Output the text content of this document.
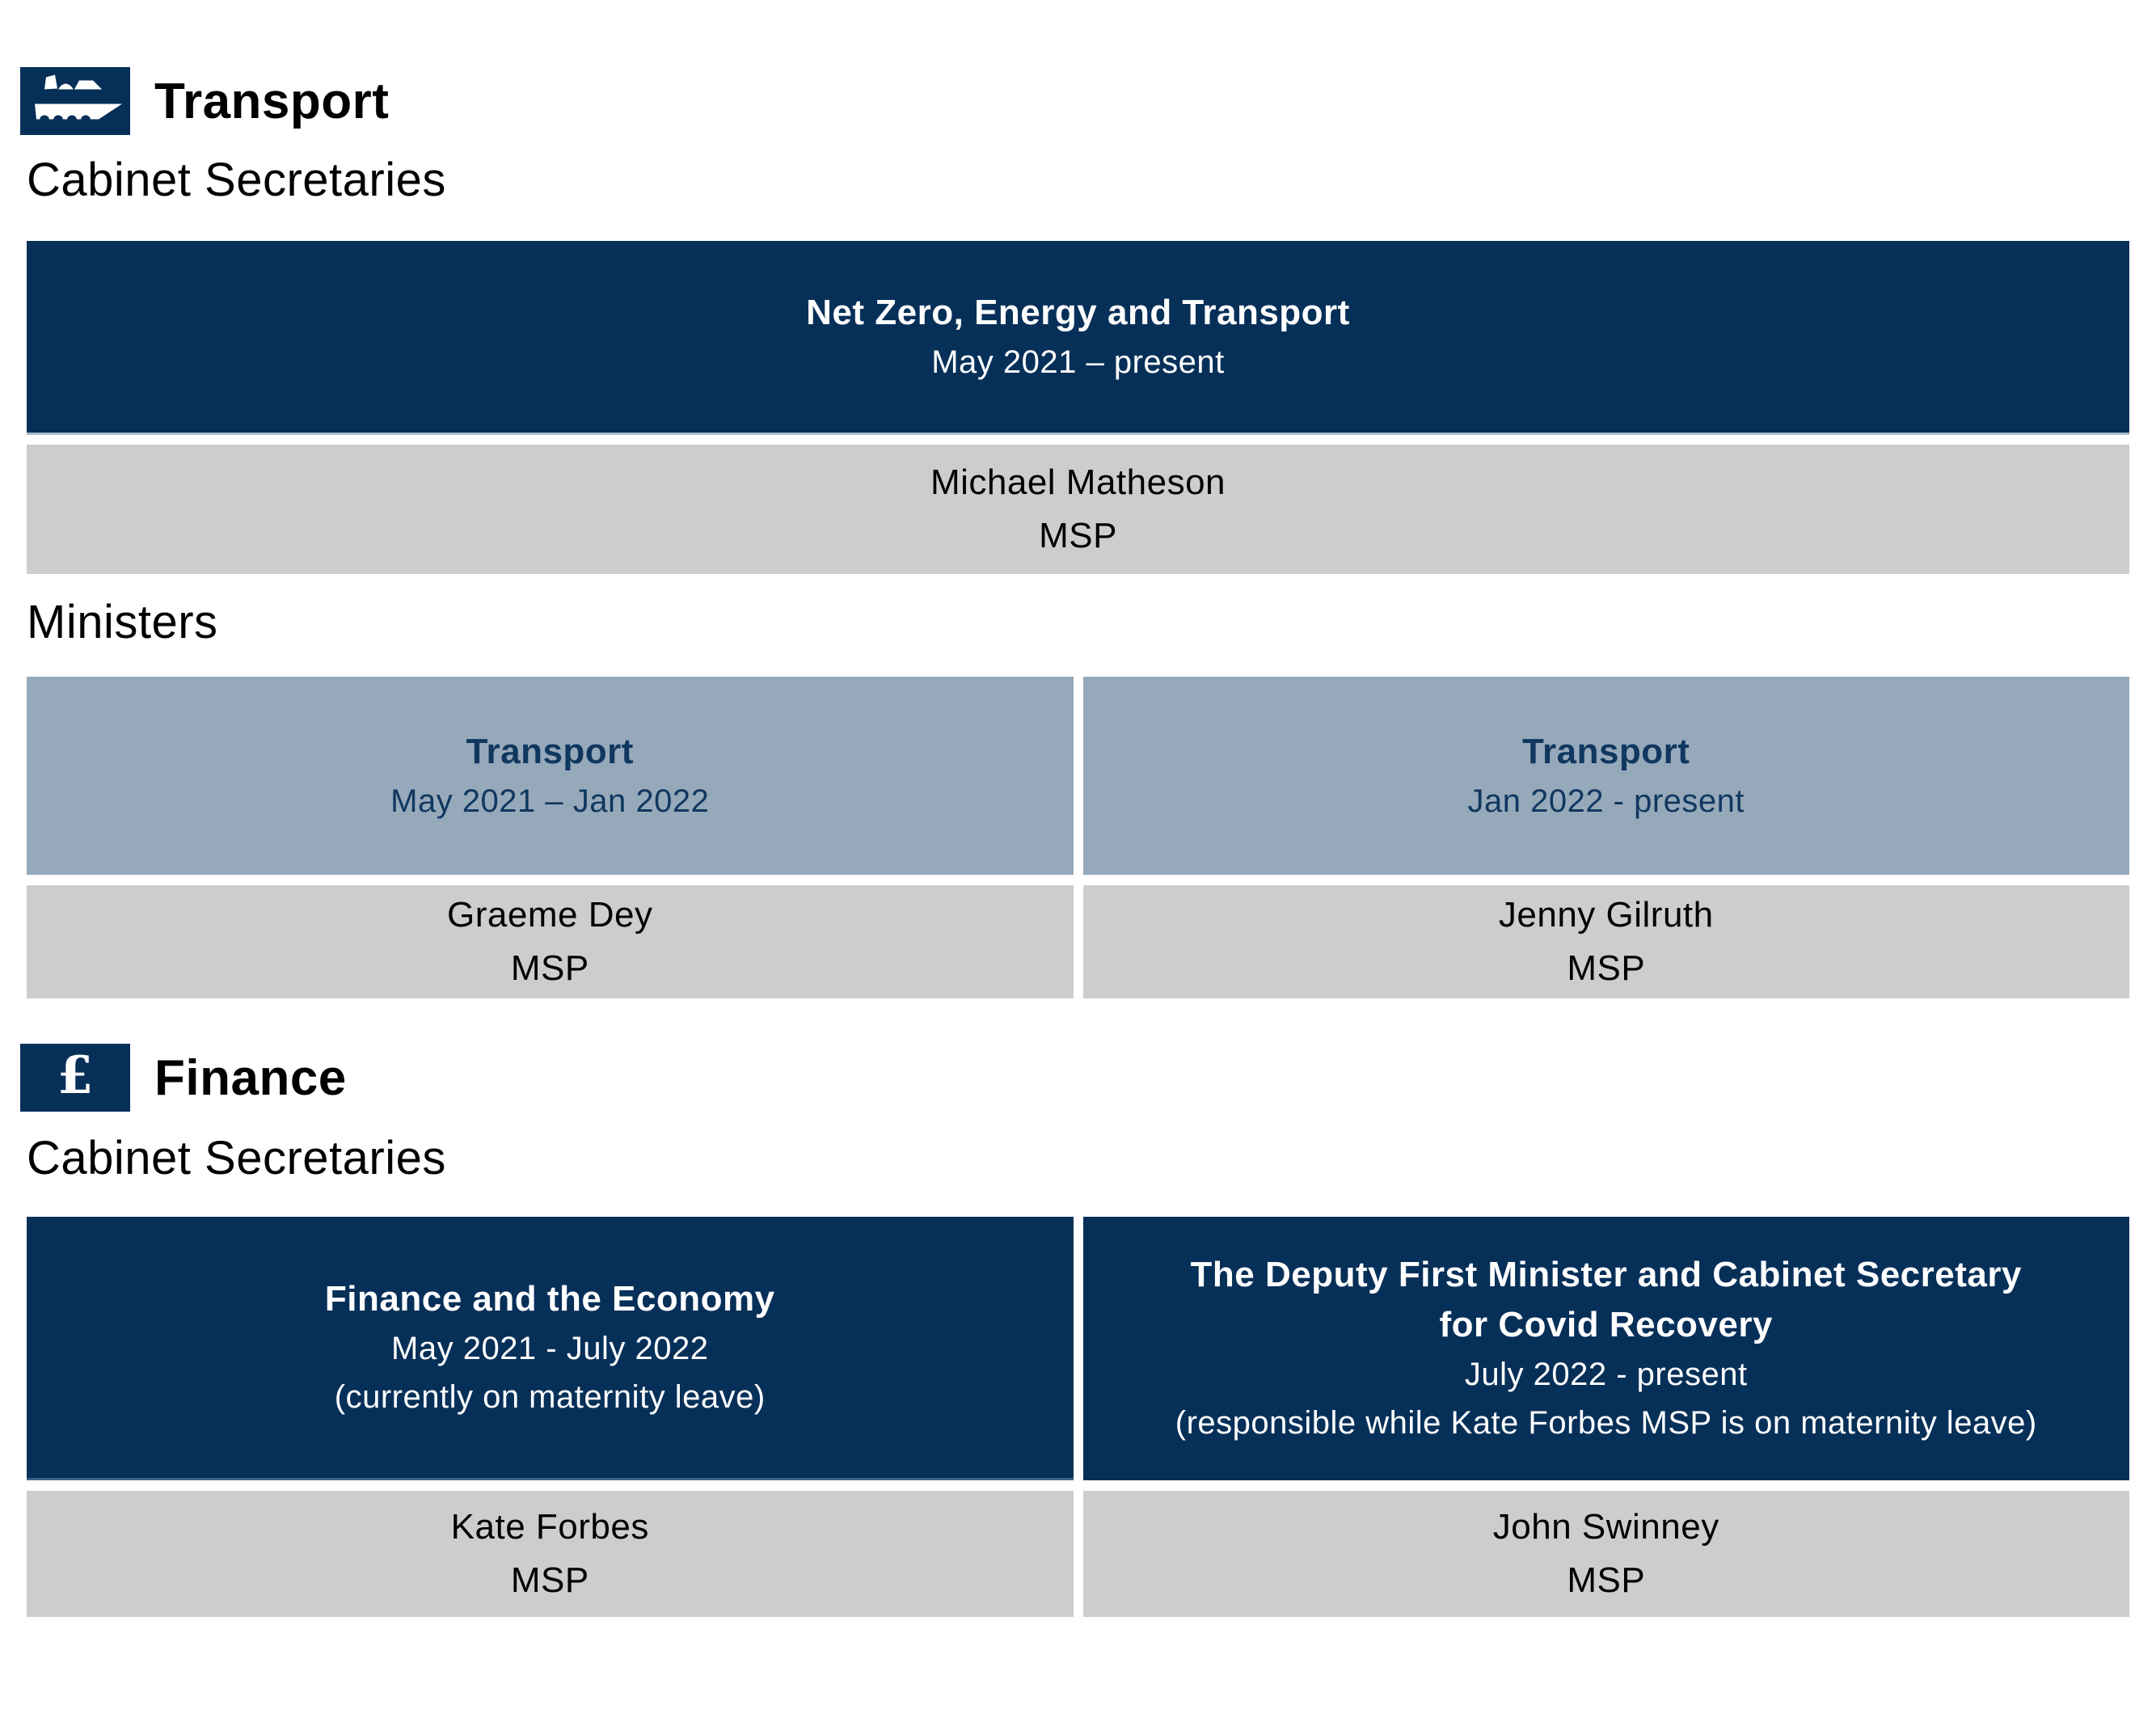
Transport
Cabinet Secretaries
Net Zero, Energy and Transport
May 2021 – present
Michael Matheson
MSP
Ministers
Transport
May 2021 – Jan 2022
Transport
Jan 2022 - present
Graeme Dey
MSP
Jenny Gilruth
MSP
£ Finance
Cabinet Secretaries
Finance and the Economy
May 2021 - July 2022
(currently on maternity leave)
The Deputy First Minister and Cabinet Secretary
for Covid Recovery
July 2022 - present
(responsible while Kate Forbes MSP is on maternity leave)
Kate Forbes
MSP
John Swinney
MSP
